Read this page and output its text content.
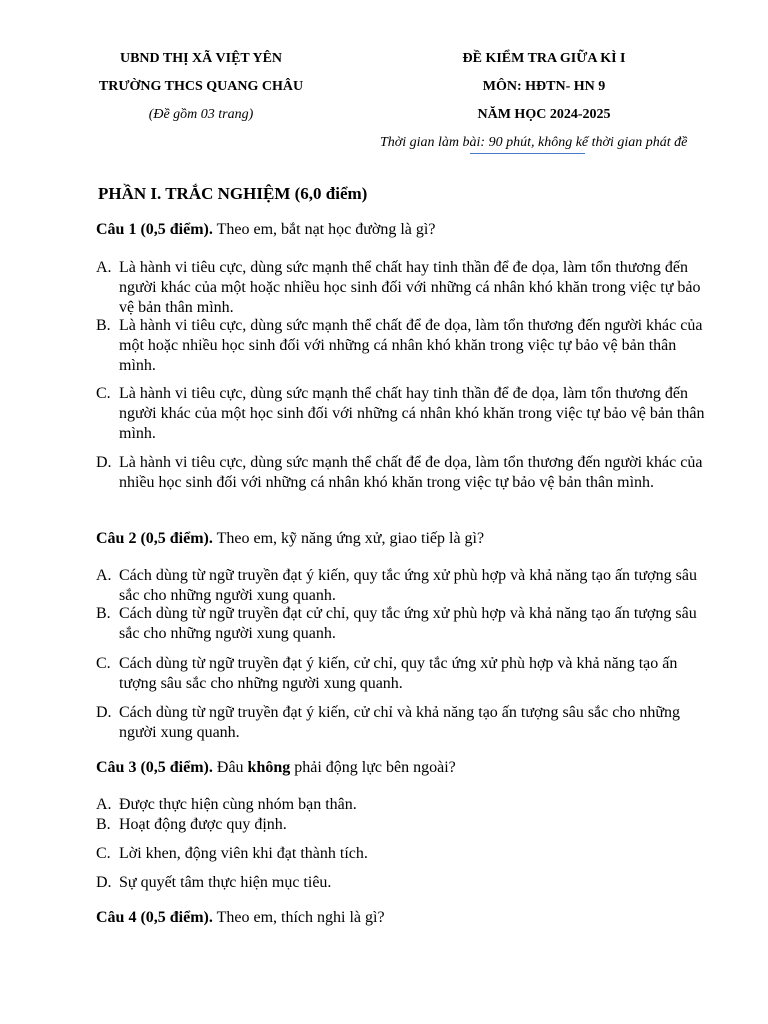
UBND THỊ XÃ VIỆT YÊN
TRƯỜNG THCS QUANG CHÂU
(Đề gồm 03 trang)
ĐỀ KIỂM TRA GIỮA KÌ I
MÔN: HĐTN- HN 9
NĂM HỌC 2024-2025
Thời gian làm bài: 90 phút, không kể thời gian phát đề
PHẦN I. TRẮC NGHIỆM (6,0 điểm)
Câu 1 (0,5 điểm). Theo em, bắt nạt học đường là gì?
A. Là hành vi tiêu cực, dùng sức mạnh thể chất hay tinh thần để đe dọa, làm tổn thương đến người khác của một hoặc nhiều học sinh đối với những cá nhân khó khăn trong việc tự bảo vệ bản thân mình.
B. Là hành vi tiêu cực, dùng sức mạnh thể chất để đe dọa, làm tổn thương đến người khác của một hoặc nhiều học sinh đối với những cá nhân khó khăn trong việc tự bảo vệ bản thân mình.
C. Là hành vi tiêu cực, dùng sức mạnh thể chất hay tinh thần để đe dọa, làm tổn thương đến người khác của một học sinh đối với những cá nhân khó khăn trong việc tự bảo vệ bản thân mình.
D. Là hành vi tiêu cực, dùng sức mạnh thể chất để đe dọa, làm tổn thương đến người khác của nhiều học sinh đối với những cá nhân khó khăn trong việc tự bảo vệ bản thân mình.
Câu 2 (0,5 điểm). Theo em, kỹ năng ứng xử, giao tiếp là gì?
A. Cách dùng từ ngữ truyền đạt ý kiến, quy tắc ứng xử phù hợp và khả năng tạo ấn tượng sâu sắc cho những người xung quanh.
B. Cách dùng từ ngữ truyền đạt cử chỉ, quy tắc ứng xử phù hợp và khả năng tạo ấn tượng sâu sắc cho những người xung quanh.
C. Cách dùng từ ngữ truyền đạt ý kiến, cử chỉ, quy tắc ứng xử phù hợp và khả năng tạo ấn tượng sâu sắc cho những người xung quanh.
D. Cách dùng từ ngữ truyền đạt ý kiến, cử chỉ và khả năng tạo ấn tượng sâu sắc cho những người xung quanh.
Câu 3 (0,5 điểm). Đâu không phải động lực bên ngoài?
A. Được thực hiện cùng nhóm bạn thân.
B. Hoạt động được quy định.
C. Lời khen, động viên khi đạt thành tích.
D. Sự quyết tâm thực hiện mục tiêu.
Câu 4 (0,5 điểm). Theo em, thích nghi là gì?
